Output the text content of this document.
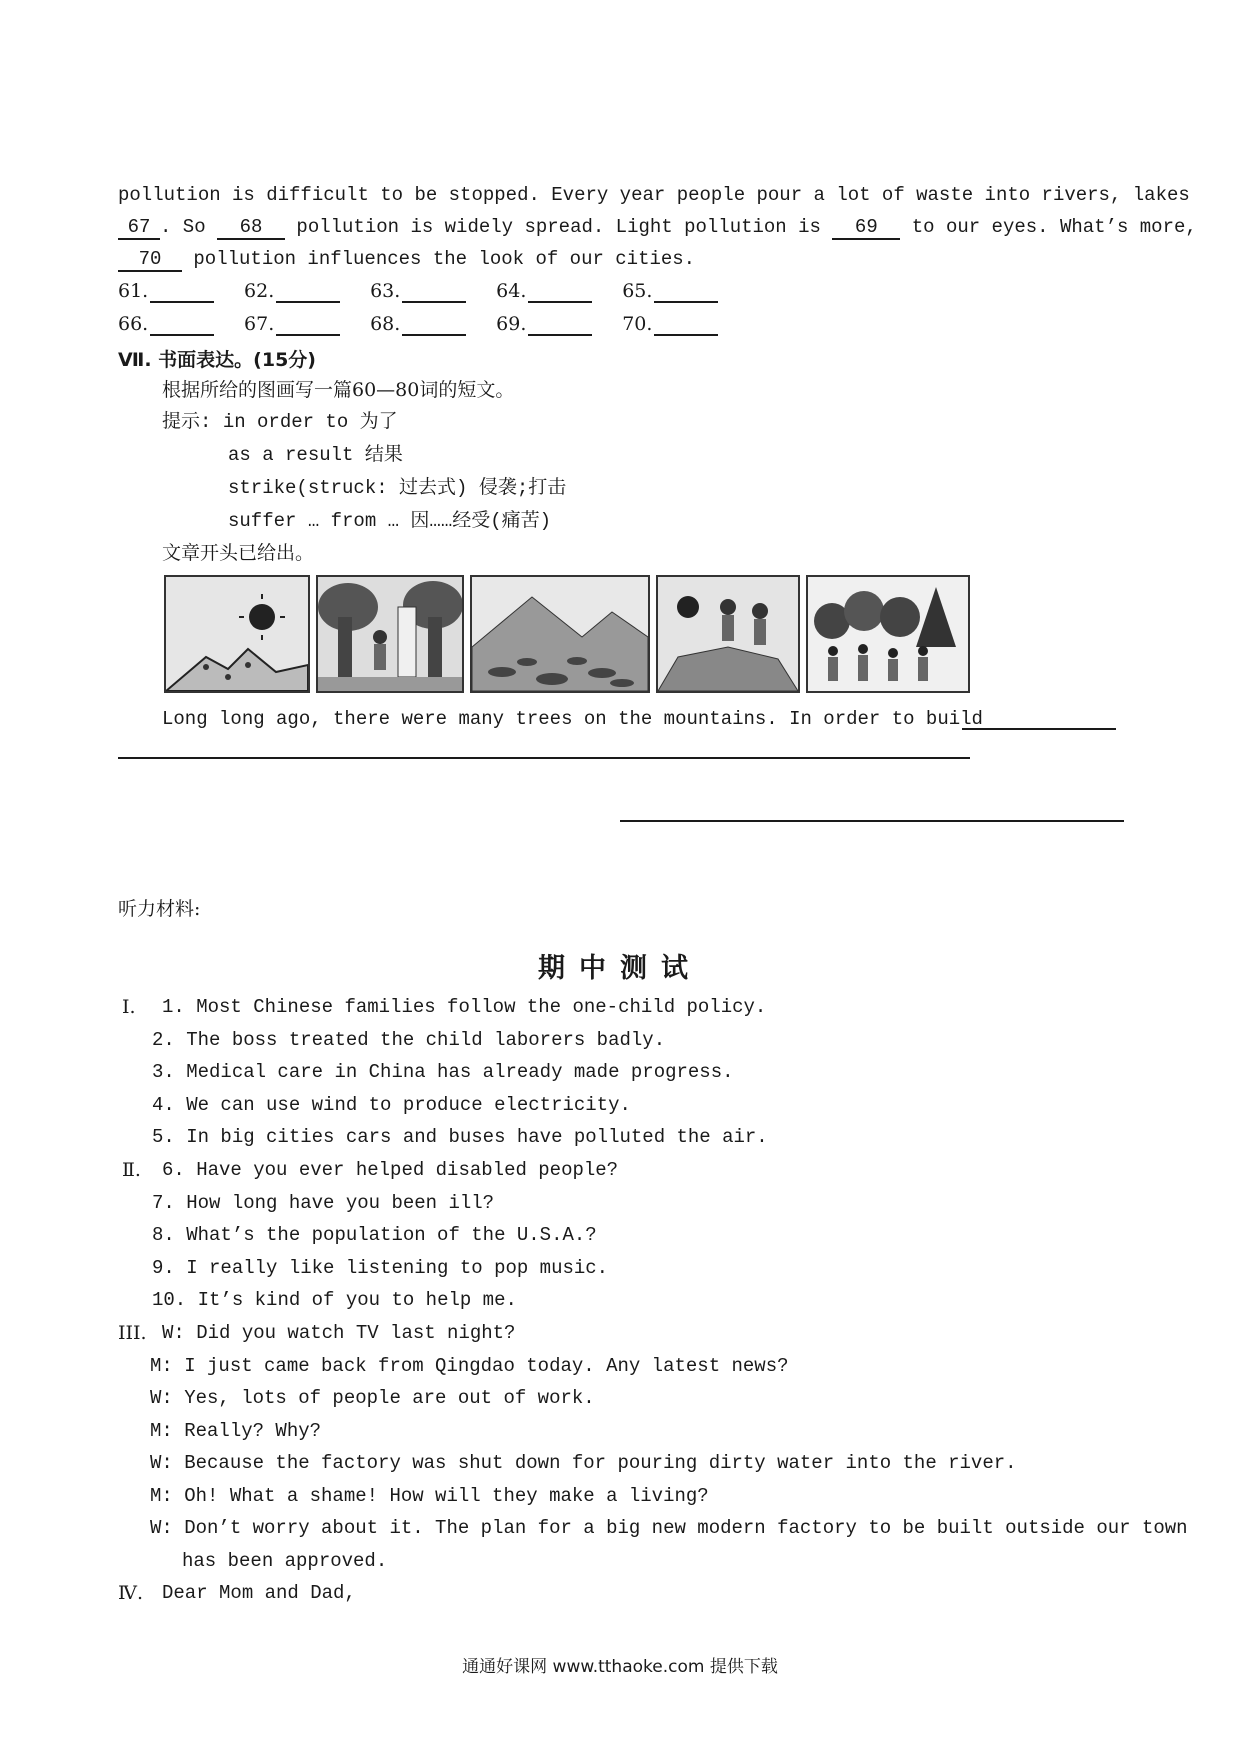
pollution is difficult to be stopped. Every year people pour a lot of waste into rivers, lakes
67 . So 68 pollution is widely spread. Light pollution is 69 to our eyes. What’s more,
70 pollution influences the look of our cities.
61.	62.	63.	64.	65.
66.	67.	68.	69.	70.
Ⅶ. 书面表达。(15分)
根据所给的图画写一篇60—80词的短文。
提示: in order to 为了
as a result 结果
strike(struck: 过去式) 侵袭;打击
suffer … from … 因……经受(痛苦)
文章开头已给出。
Long long ago, there were many trees on the mountains. In order to build
听力材料:
期中测试
Ⅰ. 1. Most Chinese families follow the one-child policy.
2. The boss treated the child laborers badly.
3. Medical care in China has already made progress.
4. We can use wind to produce electricity.
5. In big cities cars and buses have polluted the air.
Ⅱ. 6. Have you ever helped disabled people?
7. How long have you been ill?
8. What’s the population of the U.S.A.?
9. I really like listening to pop music.
10. It’s kind of you to help me.
III. W: Did you watch TV last night?
M: I just came back from Qingdao today. Any latest news?
W: Yes, lots of people are out of work.
M: Really? Why?
W: Because the factory was shut down for pouring dirty water into the river.
M: Oh! What a shame! How will they make a living?
W: Don’t worry about it. The plan for a big new modern factory to be built outside our town
has been approved.
Ⅳ. Dear Mom and Dad,
通通好课网 www.tthaoke.com 提供下载
